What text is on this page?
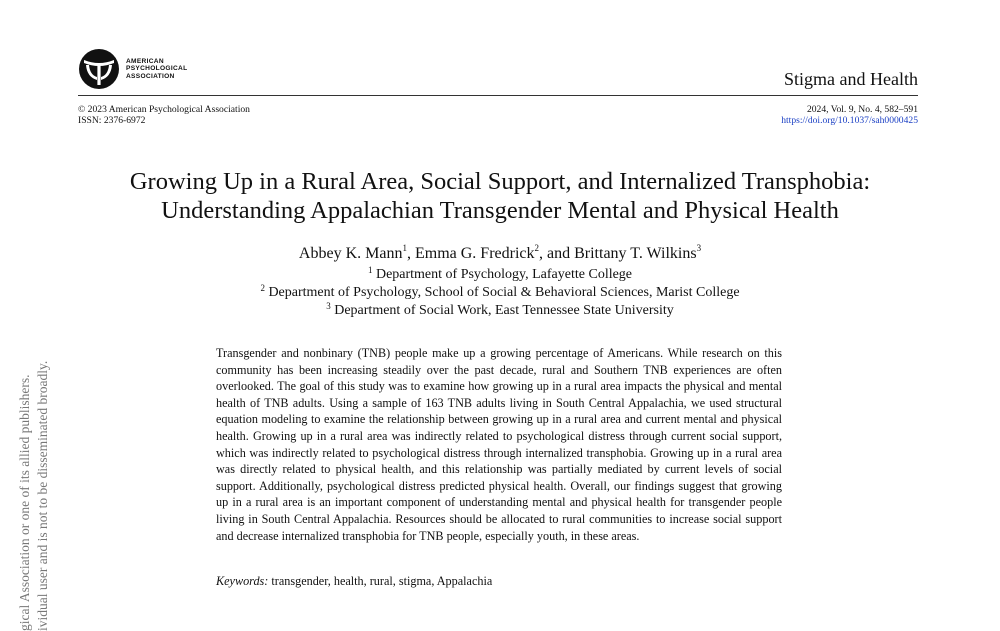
AMERICAN
PSYCHOLOGICAL
ASSOCIATION	Stigma and Health
© 2023 American Psychological Association
ISSN: 2376-6972
2024, Vol. 9, No. 4, 582–591
https://doi.org/10.1037/sah0000425
Growing Up in a Rural Area, Social Support, and Internalized Transphobia:
Understanding Appalachian Transgender Mental and Physical Health
Abbey K. Mann$^1$, Emma G. Fredrick$^2$, and Brittany T. Wilkins$^3$
$^1$ Department of Psychology, Lafayette College
$^2$ Department of Psychology, School of Social & Behavioral Sciences, Marist College
$^3$ Department of Social Work, East Tennessee State University
Transgender and nonbinary (TNB) people make up a growing percentage of Americans. While research on this community has been increasing steadily over the past decade, rural and Southern TNB experiences are often overlooked. The goal of this study was to examine how growing up in a rural area impacts the physical and mental health of TNB adults. Using a sample of 163 TNB adults living in South Central Appalachia, we used structural equation modeling to examine the relationship between growing up in a rural area and current mental and physical health. Growing up in a rural area was indirectly related to psychological distress through current social support, which was indirectly related to psychological distress through internalized transphobia. Growing up in a rural area was directly related to physical health, and this relationship was partially mediated by current levels of social support. Additionally, psychological distress predicted physical health. Overall, our findings suggest that growing up in a rural area is an important component of understanding mental and physical health for transgender people living in South Central Appalachia. Resources should be allocated to rural communities to increase social support and decrease internalized transphobia for TNB people, especially youth, in these areas.
Keywords: transgender, health, rural, stigma, Appalachia
gical Association or one of its allied publishers. ividual user and is not to be disseminated broadly.
